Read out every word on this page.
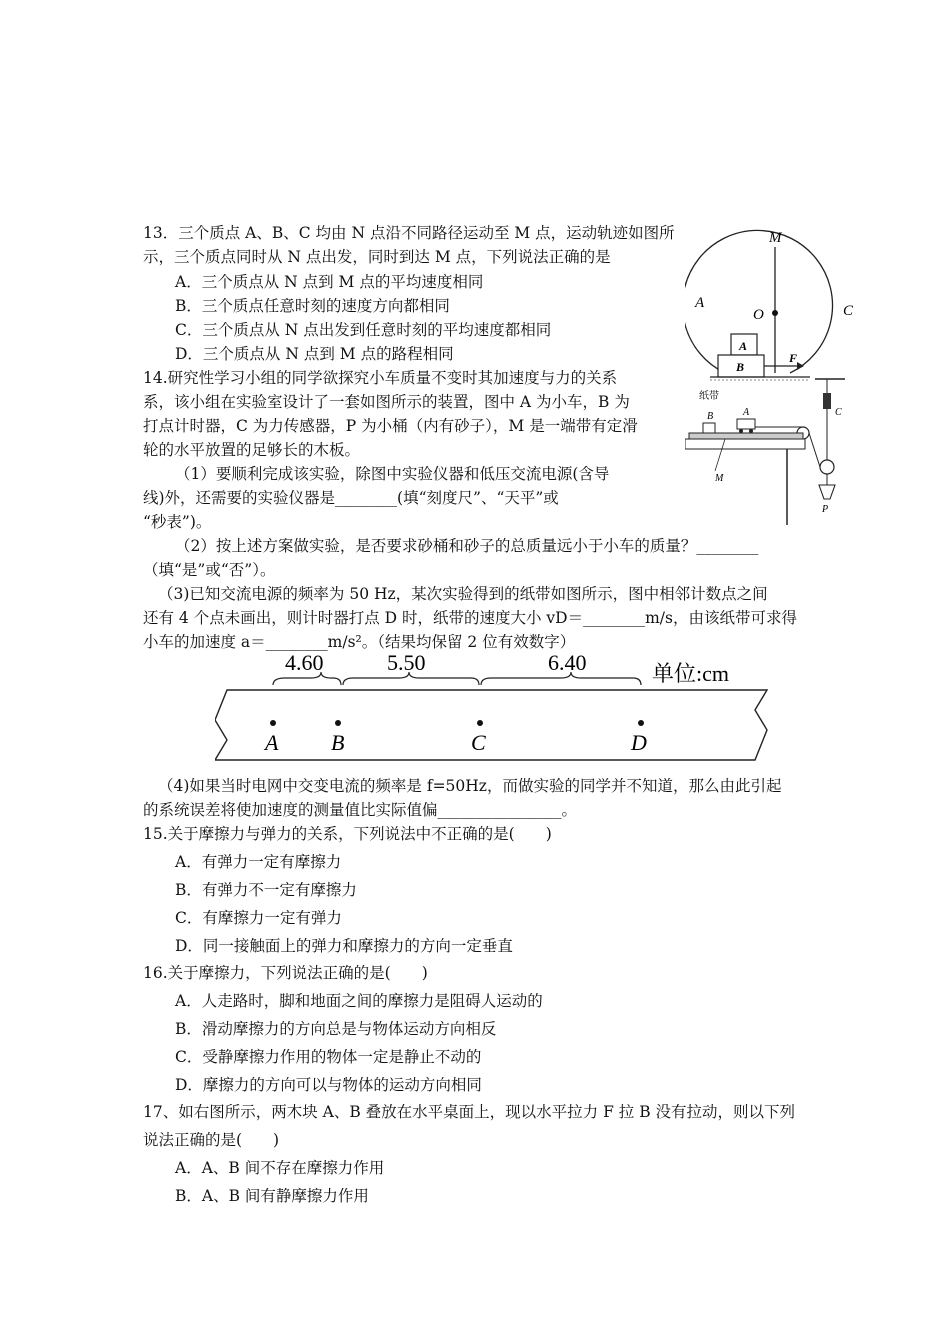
13．三个质点 A、B、C 均由 N 点沿不同路径运动至 M 点，运动轨迹如图所
示，三个质点同时从 N 点出发，同时到达 M 点，下列说法正确的是
A．三个质点从 N 点到 M 点的平均速度相同
B．三个质点任意时刻的速度方向都相同
C．三个质点从 N 点出发到任意时刻的平均速度都相同
D．三个质点从 N 点到 M 点的路程相同
M
O
A	C
A
B
F
14.研究性学习小组的同学欲探究小车质量不变时其加速度与力的关系
系，该小组在实验室设计了一套如图所示的装置，图中 A 为小车，B 为
打点计时器，C 为力传感器，P 为小桶（内有砂子），M 是一端带有定滑
轮的水平放置的足够长的木板。
（1）要顺利完成该实验，除图中实验仪器和低压交流电源(含导
线)外，还需要的实验仪器是________(填“刻度尺”、“天平”或
“秒表”)。
（2）按上述方案做实验，是否要求砂桶和砂子的总质量远小于小车的质量？________
（填“是”或“否”）。
（3)已知交流电源的频率为 50 Hz，某次实验得到的纸带如图所示，图中相邻计数点之间
还有 4 个点未画出，则计时器打点 D 时，纸带的速度大小 vD＝________m/s，由该纸带可求得
小车的加速度 a＝________m/s²。（结果均保留 2 位有效数字）
C
P
纸带
B	A
M
4.60	5.50	6.40	单位:cm
A B	C	D
（4)如果当时电网中交变电流的频率是 f=50Hz，而做实验的同学并不知道，那么由此引起
的系统误差将使加速度的测量值比实际值偏________________。
15.关于摩擦力与弹力的关系，下列说法中不正确的是(　　)
A．有弹力一定有摩擦力
B．有弹力不一定有摩擦力
C．有摩擦力一定有弹力
D．同一接触面上的弹力和摩擦力的方向一定垂直
16.关于摩擦力，下列说法正确的是(　　)
A．人走路时，脚和地面之间的摩擦力是阻碍人运动的
B．滑动摩擦力的方向总是与物体运动方向相反
C．受静摩擦力作用的物体一定是静止不动的
D．摩擦力的方向可以与物体的运动方向相同
17、如右图所示，两木块 A、B 叠放在水平桌面上，现以水平拉力 F 拉 B 没有拉动，则以下列
说法正确的是(　　)
A．A、B 间不存在摩擦力作用
B．A、B 间有静摩擦力作用
